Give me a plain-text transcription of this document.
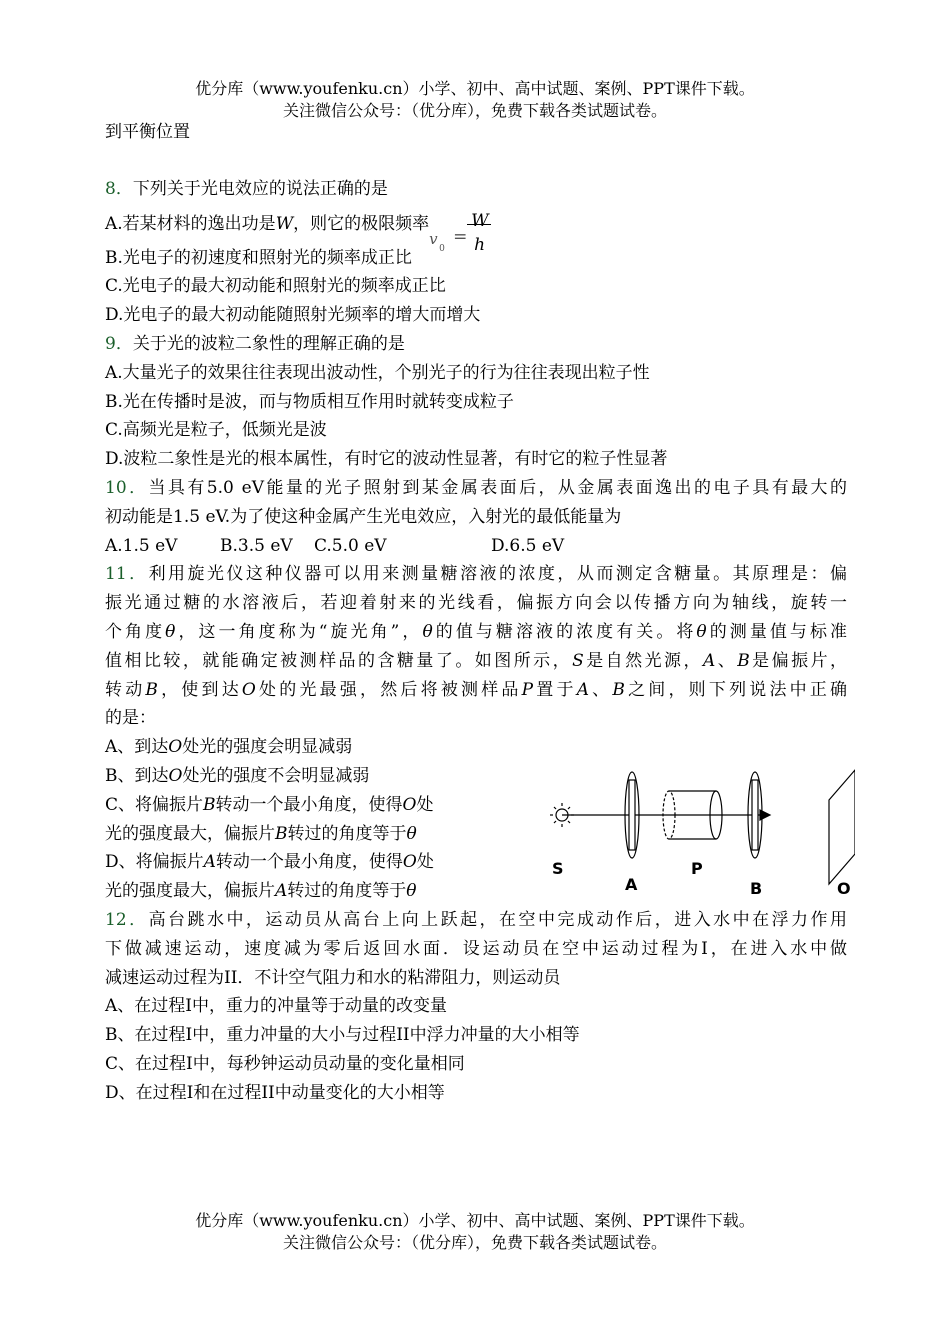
优分库（www.youfenku.cn）小学、初中、高中试题、案例、PPT课件下载。
关注微信公众号：（优分库），免费下载各类试题试卷。
到平衡位置
8．下列关于光电效应的说法正确的是
A.若某材料的逸出功是W，则它的极限频率
v
0
=
W
h
B.光电子的初速度和照射光的频率成正比
C.光电子的最大初动能和照射光的频率成正比
D.光电子的最大初动能随照射光频率的增大而增大
9．关于光的波粒二象性的理解正确的是
A.大量光子的效果往往表现出波动性，个别光子的行为往往表现出粒子性
B.光在传播时是波，而与物质相互作用时就转变成粒子
C.高频光是粒子，低频光是波
D.波粒二象性是光的根本属性，有时它的波动性显著，有时它的粒子性显著
10．当具有5.0 eV能量的光子照射到某金属表面后，从金属表面逸出的电子具有最大的
初动能是1.5 eV.为了使这种金属产生光电效应，入射光的最低能量为
A.1.5 eV	B.3.5 eV C.5.0 eV	D.6.5 eV
11．利用旋光仪这种仪器可以用来测量糖溶液的浓度，从而测定含糖量。其原理是：偏
振光通过糖的水溶液后，若迎着射来的光线看，偏振方向会以传播方向为轴线，旋转一
个角度θ，这一角度称为“旋光角”，θ的值与糖溶液的浓度有关。将θ的测量值与标准
值相比较，就能确定被测样品的含糖量了。如图所示，S是自然光源，A、B是偏振片，
转动B，使到达O处的光最强，然后将被测样品P置于A、B之间，则下列说法中正确
的是：
A、到达O处光的强度会明显减弱
B、到达O处光的强度不会明显减弱
C、将偏振片B转动一个最小角度，使得O处
光的强度最大，偏振片B转过的角度等于θ
D、将偏振片A转动一个最小角度，使得O处
光的强度最大，偏振片A转过的角度等于θ
12．高台跳水中，运动员从高台上向上跃起，在空中完成动作后，进入水中在浮力作用
下做减速运动，速度减为零后返回水面．设运动员在空中运动过程为I，在进入水中做
减速运动过程为II．不计空气阻力和水的粘滞阻力，则运动员
A、在过程I中，重力的冲量等于动量的改变量
B、在过程I中，重力冲量的大小与过程II中浮力冲量的大小相等
C、在过程I中，每秒钟运动员动量的变化量相同
D、在过程I和在过程II中动量变化的大小相等
S
A
P
B	O
优分库（www.youfenku.cn）小学、初中、高中试题、案例、PPT课件下载。
关注微信公众号：（优分库），免费下载各类试题试卷。
